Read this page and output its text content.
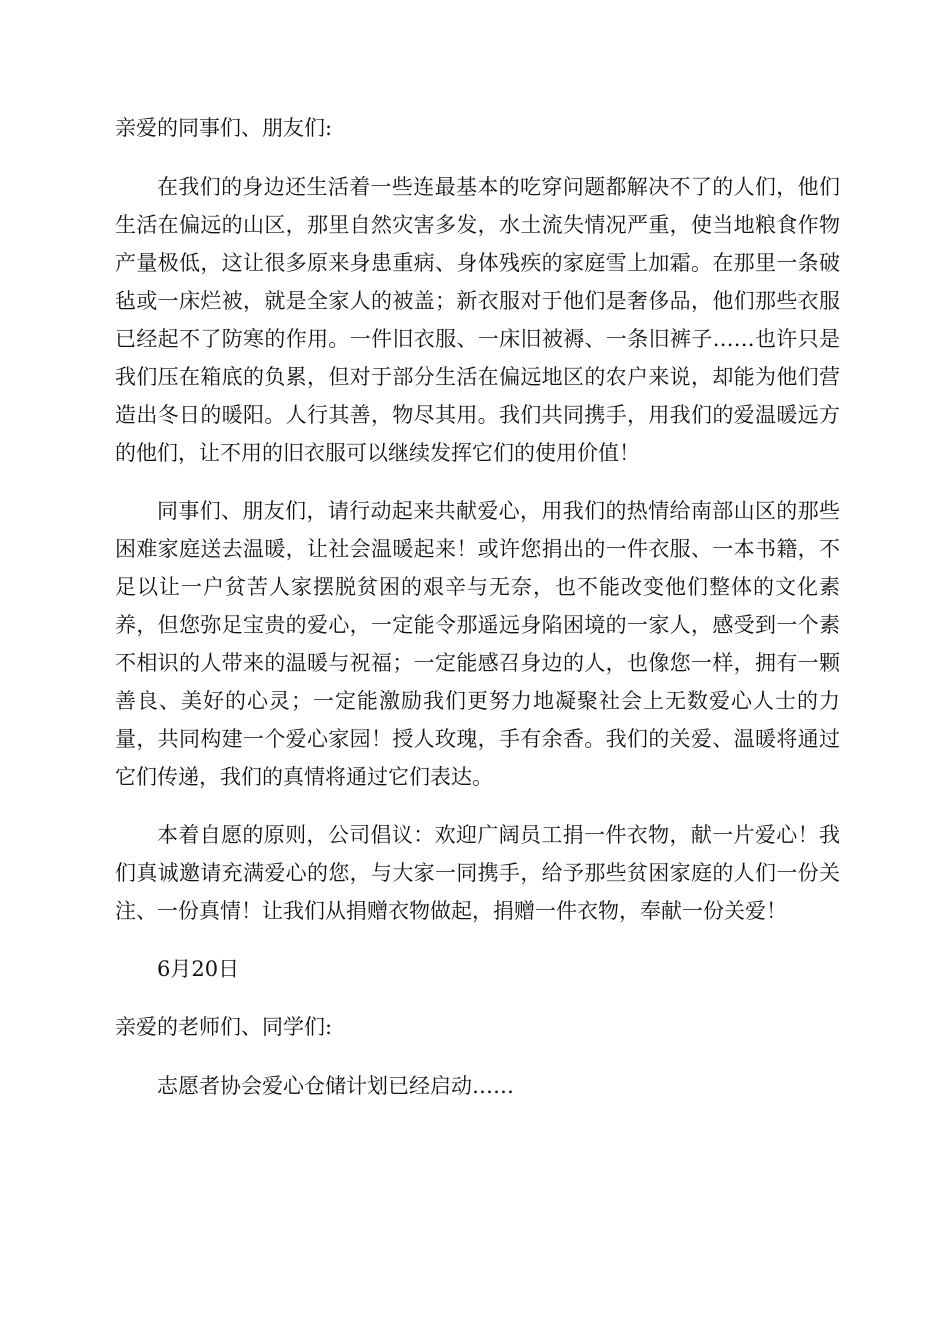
亲爱的同事们、朋友们:

在我们的身边还生活着一些连最基本的吃穿问题都解决不了的人们，他们生活在偏远的山区，那里自然灾害多发，水土流失情况严重，使当地粮食作物产量极低，这让很多原来身患重病、身体残疾的家庭雪上加霜。在那里一条破毡或一床烂被，就是全家人的被盖；新衣服对于他们是奢侈品，他们那些衣服已经起不了防寒的作用。一件旧衣服、一床旧被褥、一条旧裤子……也许只是我们压在箱底的负累，但对于部分生活在偏远地区的农户来说，却能为他们营造出冬日的暖阳。人行其善，物尽其用。我们共同携手，用我们的爱温暖远方的他们，让不用的旧衣服可以继续发挥它们的使用价值！

同事们、朋友们，请行动起来共献爱心，用我们的热情给南部山区的那些困难家庭送去温暖，让社会温暖起来！或许您捐出的一件衣服、一本书籍，不足以让一户贫苦人家摆脱贫困的艰辛与无奈，也不能改变他们整体的文化素养，但您弥足宝贵的爱心，一定能令那遥远身陷困境的一家人，感受到一个素不相识的人带来的温暖与祝福；一定能感召身边的人，也像您一样，拥有一颗善良、美好的心灵；一定能激励我们更努力地凝聚社会上无数爱心人士的力量，共同构建一个爱心家园！授人玫瑰，手有余香。我们的关爱、温暖将通过它们传递，我们的真情将通过它们表达。

本着自愿的原则，公司倡议：欢迎广阔员工捐一件衣物，献一片爱心！我们真诚邀请充满爱心的您，与大家一同携手，给予那些贫困家庭的人们一份关注、一份真情！让我们从捐赠衣物做起，捐赠一件衣物，奉献一份关爱！

6月20日

亲爱的老师们、同学们:

志愿者协会爱心仓储计划已经启动……
